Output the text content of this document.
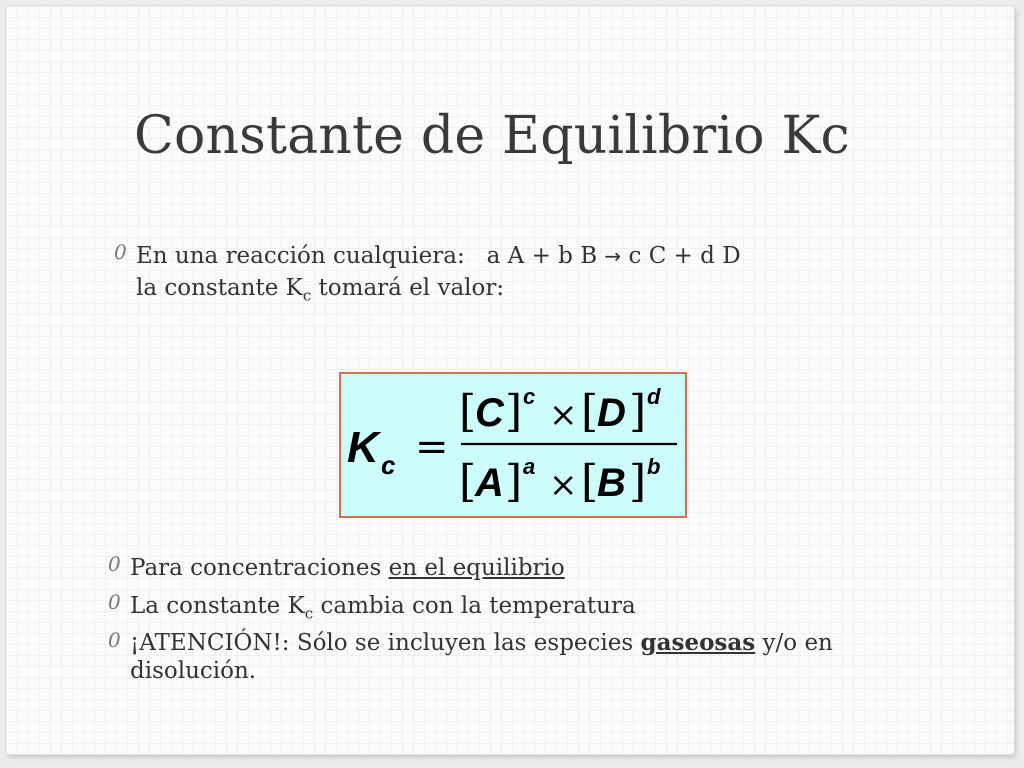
Constante de Equilibrio Kc
0 En una reacción cualquiera: a A + b B → c C + d D
la constante $K_c$ tomará el valor:
K c =
[
C ] c × [
D ] d
[
A ] a × [
B ] b
0 Para concentraciones en el equilibrio
0 La constante $K_c$ cambia con la temperatura
0 ¡ATENCIÓN!: Sólo se incluyen las especies gaseosas y/o en
disolución.
